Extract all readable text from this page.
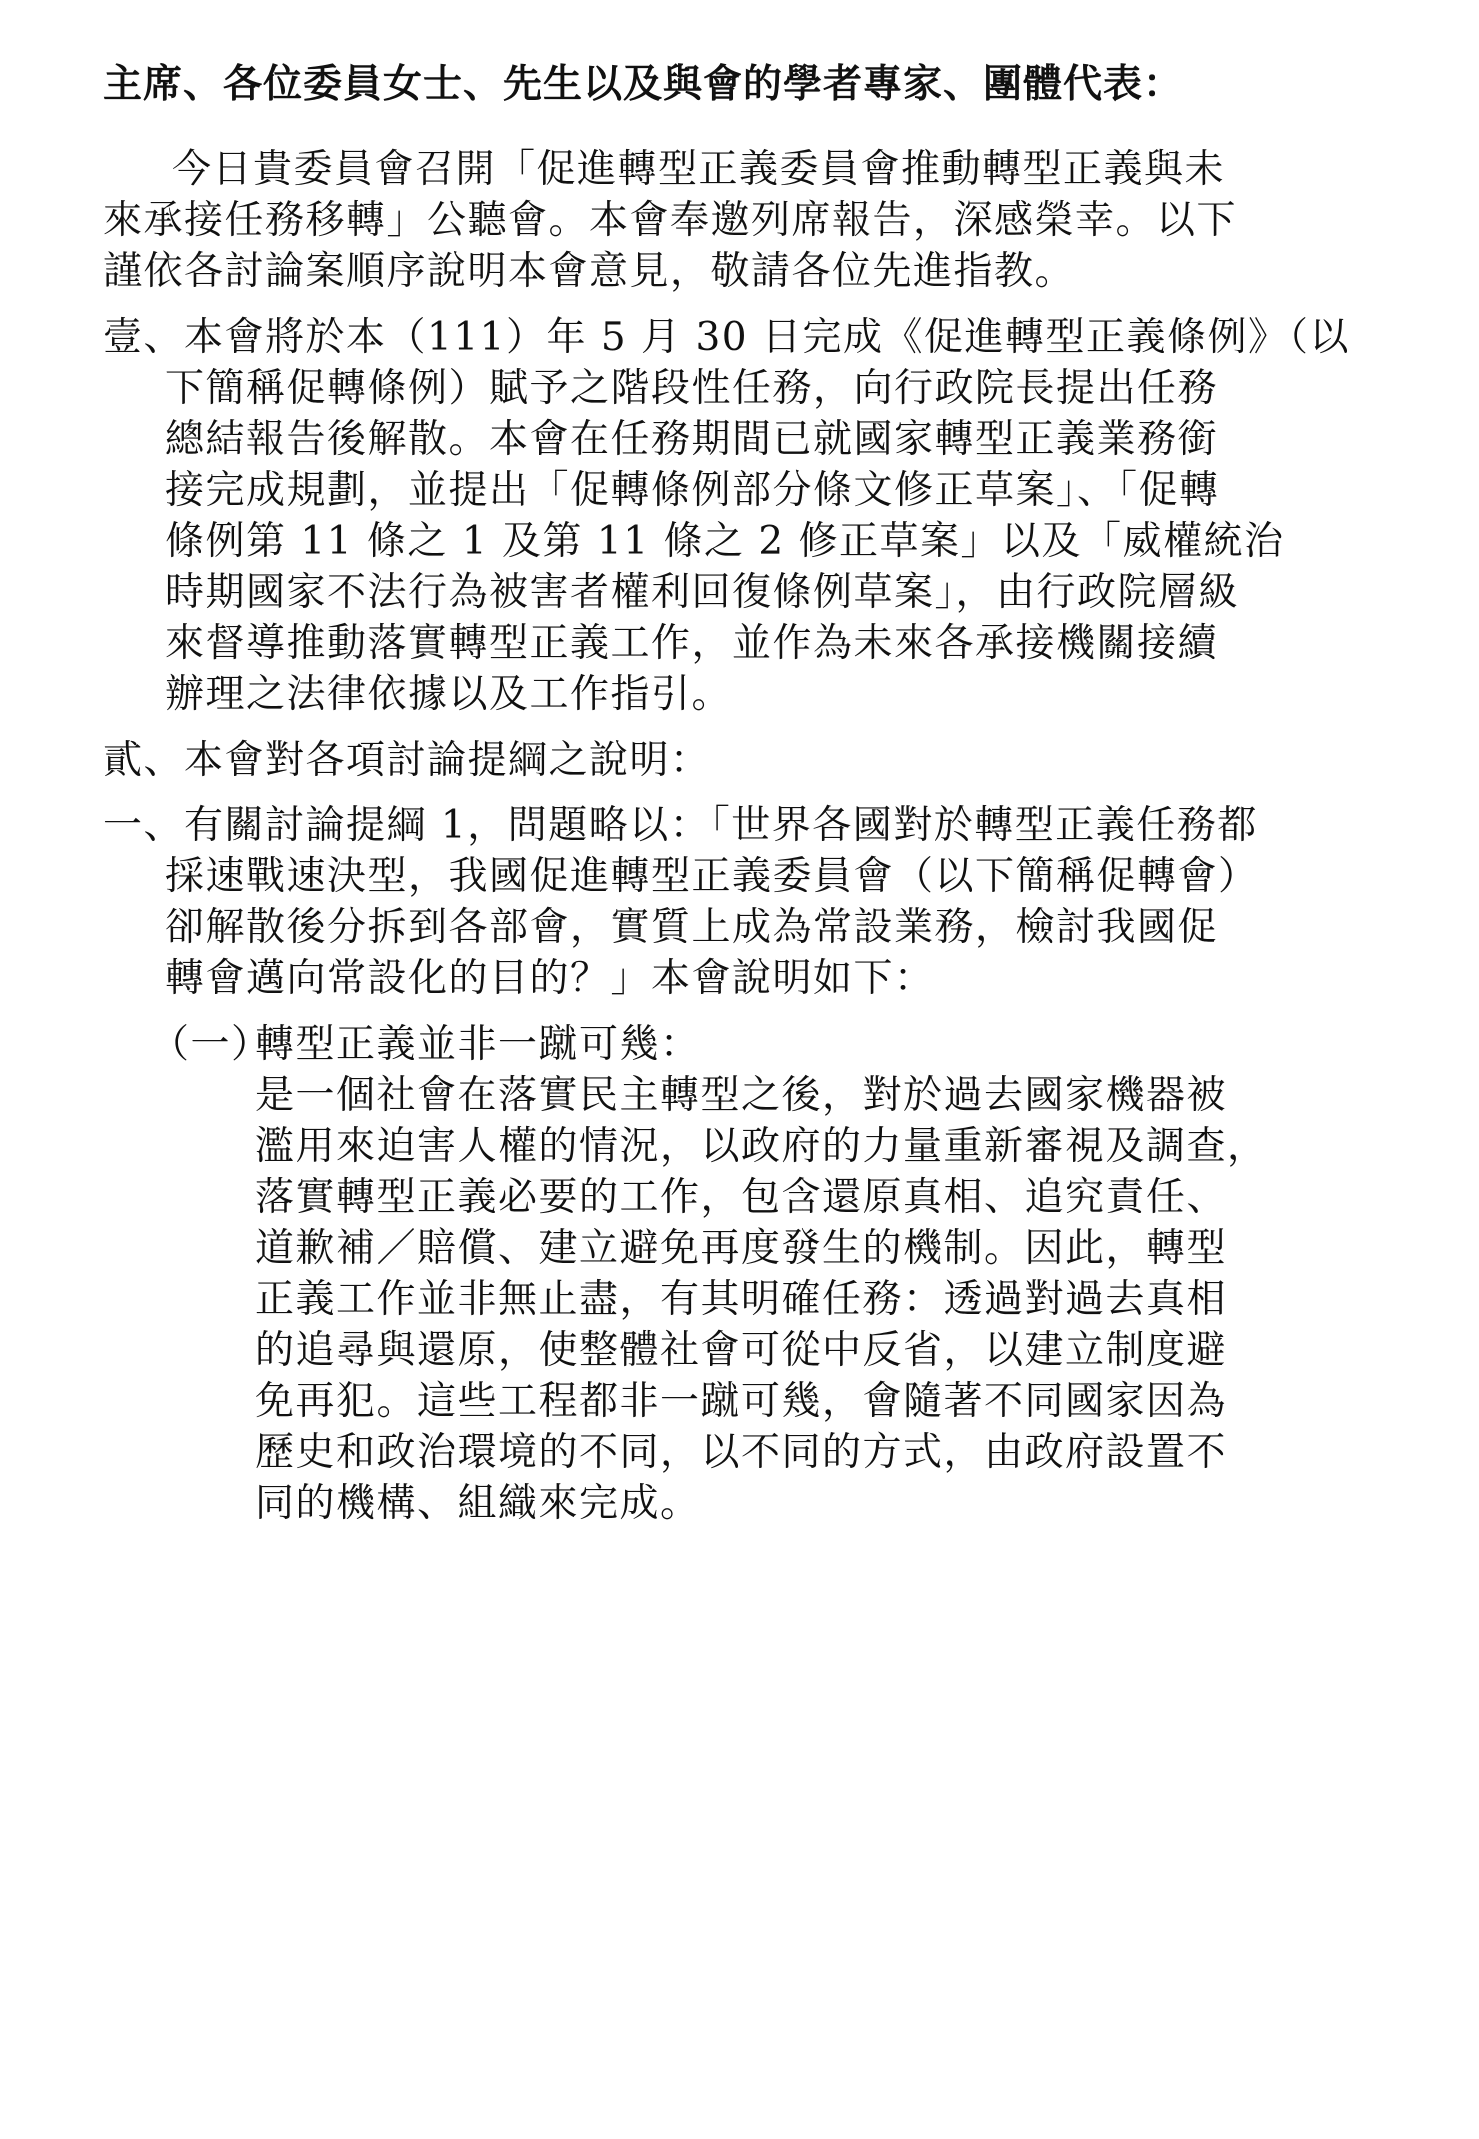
主席、各位委員女士、先生以及與會的學者專家、團體代表：
今日貴委員會召開「促進轉型正義委員會推動轉型正義與未
來承接任務移轉」公聽會。本會奉邀列席報告，深感榮幸。以下
謹依各討論案順序說明本會意見，敬請各位先進指教。
壹、本會將於本（111）年 5 月 30 日完成《促進轉型正義條例》（以
下簡稱促轉條例）賦予之階段性任務，向行政院長提出任務
總結報告後解散。本會在任務期間已就國家轉型正義業務銜
接完成規劃，並提出「促轉條例部分條文修正草案」、「促轉
條例第 11 條之 1 及第 11 條之 2 修正草案」以及「威權統治
時期國家不法行為被害者權利回復條例草案」，由行政院層級
來督導推動落實轉型正義工作，並作為未來各承接機關接續
辦理之法律依據以及工作指引。
貳、本會對各項討論提綱之說明：
一、有關討論提綱 1，問題略以：「世界各國對於轉型正義任務都
採速戰速決型，我國促進轉型正義委員會（以下簡稱促轉會）
卻解散後分拆到各部會，實質上成為常設業務，檢討我國促
轉會邁向常設化的目的？」本會說明如下：
（一）
轉型正義並非一蹴可幾：
是一個社會在落實民主轉型之後，對於過去國家機器被
濫用來迫害人權的情況，以政府的力量重新審視及調查，
落實轉型正義必要的工作，包含還原真相、追究責任、
道歉補／賠償、建立避免再度發生的機制。因此，轉型
正義工作並非無止盡，有其明確任務：透過對過去真相
的追尋與還原，使整體社會可從中反省，以建立制度避
免再犯。這些工程都非一蹴可幾，會隨著不同國家因為
歷史和政治環境的不同，以不同的方式，由政府設置不
同的機構、組織來完成。
